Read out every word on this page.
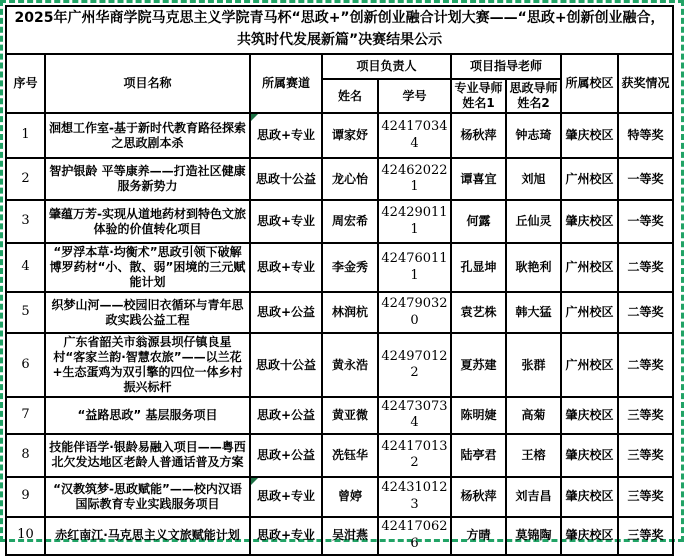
2025年广州华商学院马克思主义学院青马杯“思政+”创新创业融合计划大赛——“思政+创新创业融合，共筑时代发展新篇”决赛结果公示								
序号	项目名称	所属赛道	项目负责人		项目指导老师		所属校区	获奖情况
			姓名	学号	专业导师姓名1	思政导师姓名2		
1	洄想工作室-基于新时代教育路径探索之思政剧本杀	思政+专业	谭家妤	424170344	杨秋萍	钟志琦	肇庆校区	特等奖
2	智护银龄 平等康养——打造社区健康服务新势力	思政十公益	龙心怡	424620221	谭喜宜	刘旭	广州校区	一等奖
3	肇蕴万芳-实现从道地药材到特色文旅体验的价值转化项目	思政+专业	周宏希	424290111	何露	丘仙灵	肇庆校区	一等奖
4	“罗浮本草·均衡术”思政引领下破解博罗药材“小、散、弱”困境的三元赋能计划	思政+专业	李金秀	424760111	孔显坤	耿艳利	广州校区	二等奖
5	织梦山河——校园旧衣循环与青年思政实践公益工程	思政+公益	林润杭	424790320	袁艺株	韩大猛	广州校区	二等奖
6	广东省韶关市翁源县坝仔镇良星村“客家兰韵·智慧农旅”——以兰花+生态蛋鸡为双引擎的四位一体乡村振兴标杆	思政十公益	黄永浩	424970122	夏苏建	张群	广州校区	二等奖
7	“益路思政” 基层服务项目	思政+公益	黄亚微	424730734	陈明婕	高菊	肇庆校区	三等奖
8	技能伴语学·银龄易融入项目——粤西北欠发达地区老龄人普通话普及方案	思政+公益	冼钰华	424170132	陆亭君	王榕	肇庆校区	三等奖
9	“汉教筑梦-思政赋能”——校内汉语国际教育专业实践服务项目	思政+专业	曾婷	424310123	杨秋萍	刘吉昌	肇庆校区	三等奖
10	赤红南江·马克思主义文旅赋能计划	思政+专业	吴泔燕	424170626	方晴	莫锦陶	肇庆校区	三等奖
